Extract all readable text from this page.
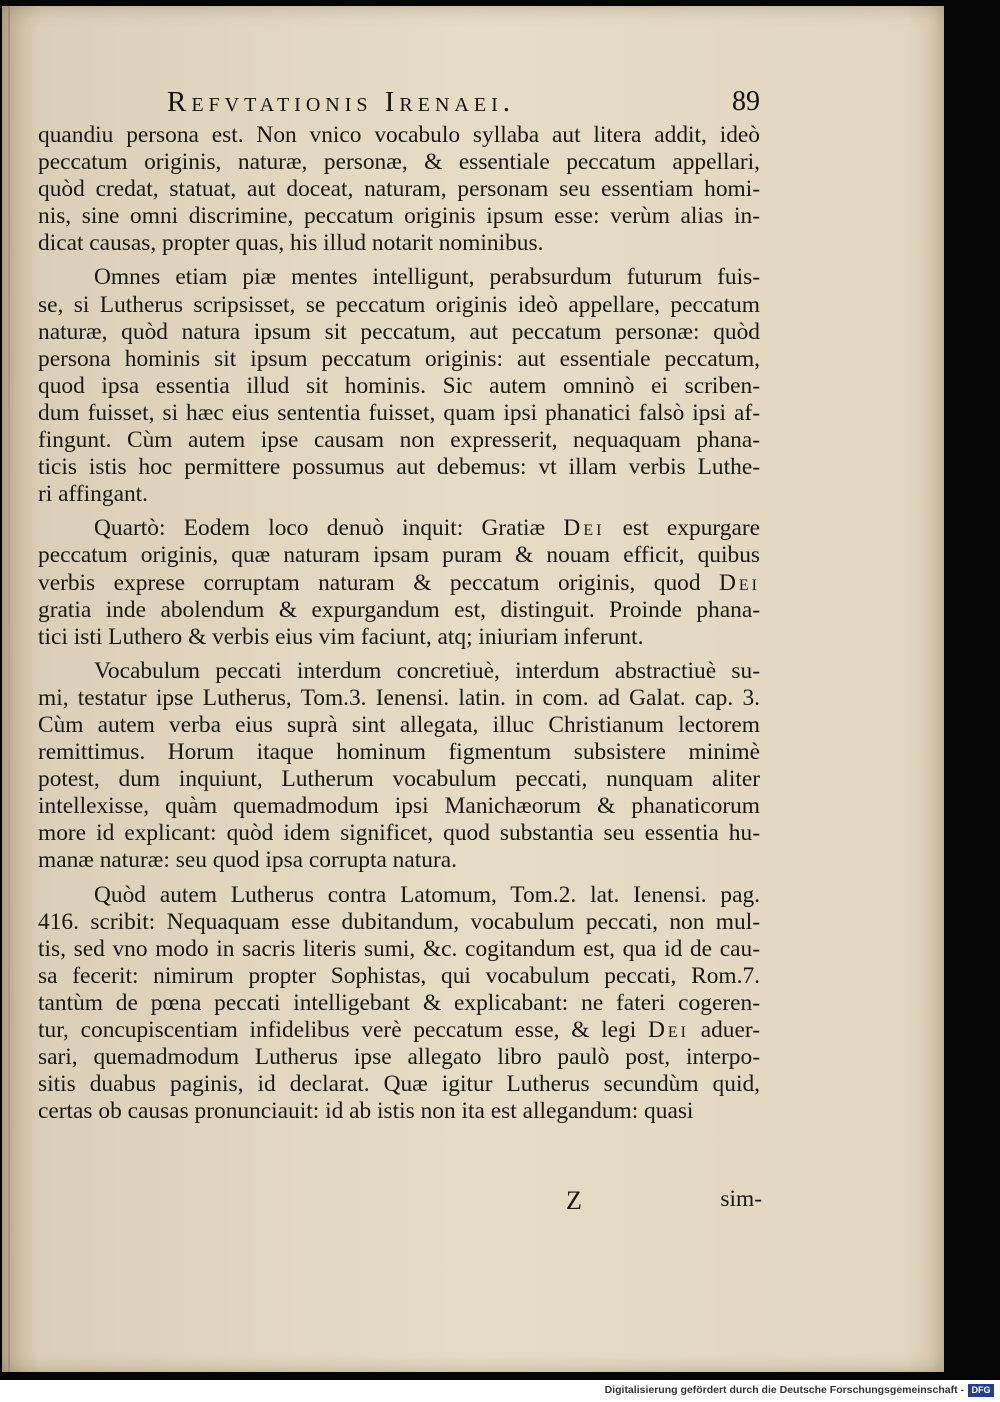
Refvtationis Irenaei.	89
quandiu persona est. Non vnico vocabulo syllaba aut litera addit, ideò
peccatum originis, naturæ, personæ, & essentiale peccatum appellari,
quòd credat, statuat, aut doceat, naturam, personam seu essentiam homi-
nis, sine omni discrimine, peccatum originis ipsum esse: verùm alias in-
dicat causas, propter quas, his illud notarit nominibus.
Omnes etiam piæ mentes intelligunt, perabsurdum futurum fuis-
se, si Lutherus scripsisset, se peccatum originis ideò appellare, peccatum
naturæ, quòd natura ipsum sit peccatum, aut peccatum personæ: quòd
persona hominis sit ipsum peccatum originis: aut essentiale peccatum,
quod ipsa essentia illud sit hominis. Sic autem omninò ei scriben-
dum fuisset, si hæc eius sententia fuisset, quam ipsi phanatici falsò ipsi af-
fingunt. Cùm autem ipse causam non expresserit, nequaquam phana-
ticis istis hoc permittere possumus aut debemus: vt illam verbis Luthe-
ri affingant.
Quartò: Eodem loco denuò inquit: Gratiæ Dei est expurgare
peccatum originis, quæ naturam ipsam puram & nouam efficit, quibus
verbis exprese corruptam naturam & peccatum originis, quod Dei
gratia inde abolendum & expurgandum est, distinguit. Proinde phana-
tici isti Luthero & verbis eius vim faciunt, atq; iniuriam inferunt.
Vocabulum peccati interdum concretiuè, interdum abstractiuè su-
mi, testatur ipse Lutherus, Tom.3. Ienensi. latin. in com. ad Galat. cap. 3.
Cùm autem verba eius suprà sint allegata, illuc Christianum lectorem
remittimus. Horum itaque hominum figmentum subsistere minimè
potest, dum inquiunt, Lutherum vocabulum peccati, nunquam aliter
intellexisse, quàm quemadmodum ipsi Manichæorum & phanaticorum
more id explicant: quòd idem significet, quod substantia seu essentia hu-
manæ naturæ: seu quod ipsa corrupta natura.
Quòd autem Lutherus contra Latomum, Tom.2. lat. Ienensi. pag.
416. scribit: Nequaquam esse dubitandum, vocabulum peccati, non mul-
tis, sed vno modo in sacris literis sumi, &c. cogitandum est, qua id de cau-
sa fecerit: nimirum propter Sophistas, qui vocabulum peccati, Rom.7.
tantùm de pœna peccati intelligebant & explicabant: ne fateri cogeren-
tur, concupiscentiam infidelibus verè peccatum esse, & legi Dei aduer-
sari, quemadmodum Lutherus ipse allegato libro paulò post, interpo-
sitis duabus paginis, id declarat. Quæ igitur Lutherus secundùm quid,
certas ob causas pronunciauit: id ab istis non ita est allegandum: quasi
Z	sim-
Digitalisierung gefördert durch die Deutsche Forschungsgemeinschaft - DFG
